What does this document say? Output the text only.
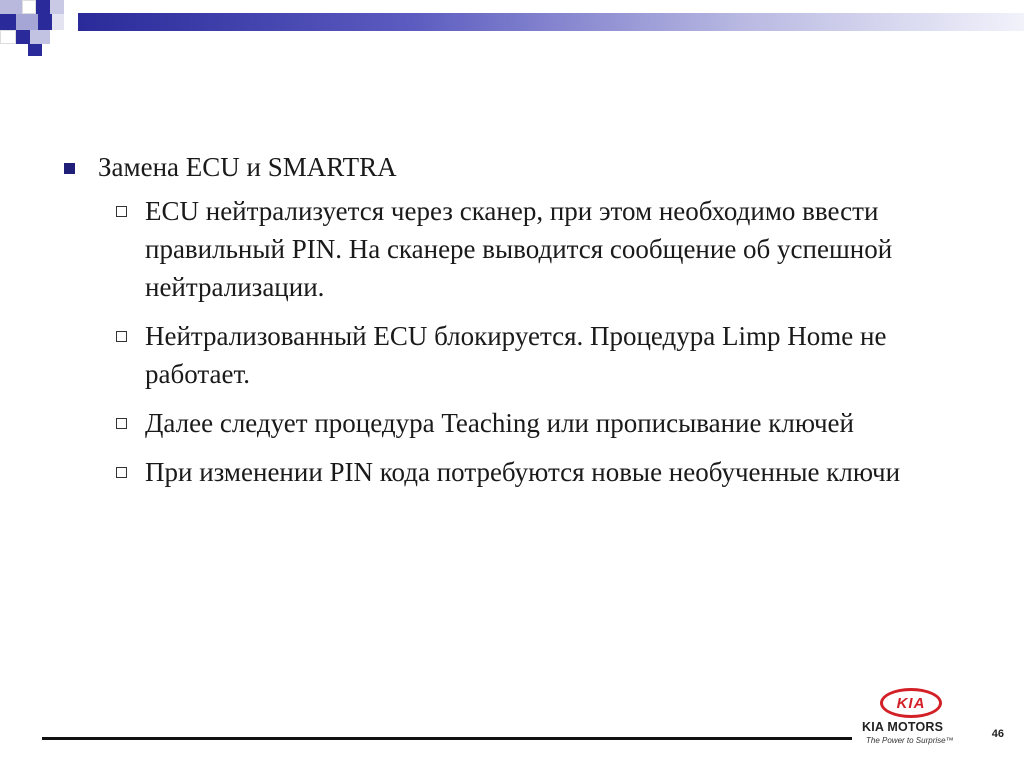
Замена ECU и SMARTRA
ECU нейтрализуется через сканер, при этом необходимо ввести правильный PIN. На сканере выводится сообщение об успешной нейтрализации.
Нейтрализованный ECU блокируется. Процедура Limp Home не работает.
Далее следует процедура Teaching или прописывание ключей
При изменении PIN кода потребуются новые необученные ключи
KIA
KIA MOTORS
The Power to Surprise™
46
